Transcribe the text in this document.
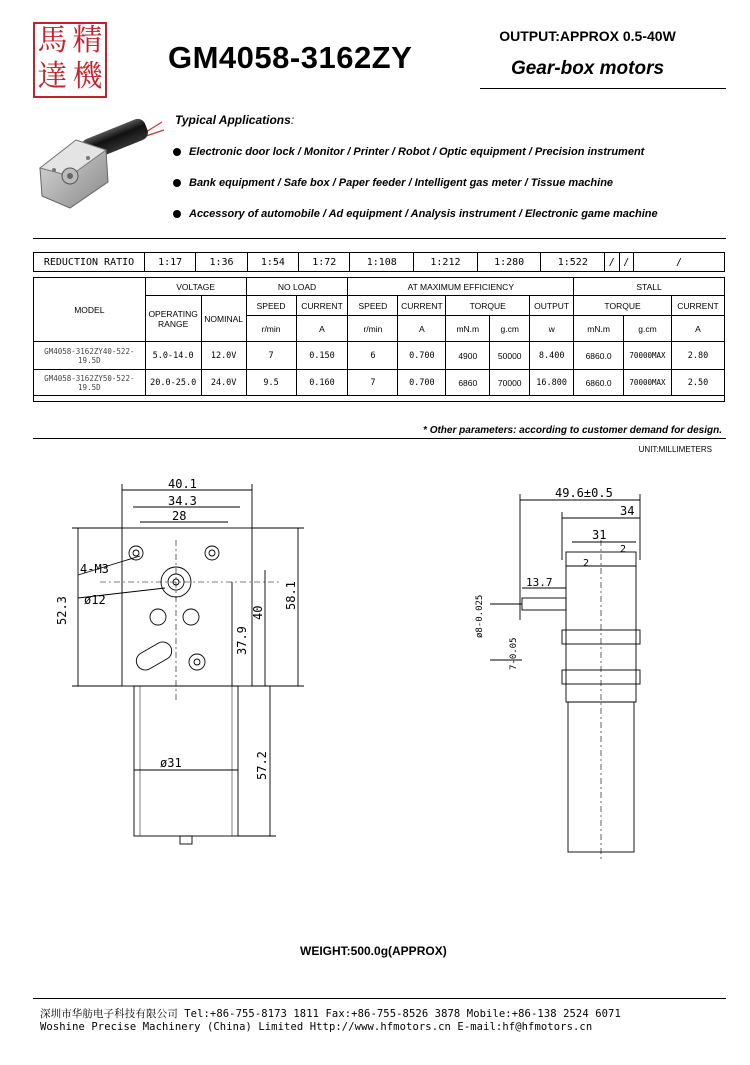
馬 精
達 機
GM4058-3162ZY
OUTPUT:APPROX 0.5-40W
Gear-box motors
Typical Applications:
Electronic door lock / Monitor / Printer / Robot / Optic equipment / Precision instrument
Bank equipment / Safe box / Paper feeder / Intelligent gas meter / Tissue machine
Accessory of automobile / Ad equipment / Analysis instrument / Electronic game machine
REDUCTION RATIO	1:17	1:36	1:54	1:72	1:108	1:212	1:280	1:522	/	/	/
MODEL	VOLTAGE		NO LOAD		AT MAXIMUM EFFICIENCY					STALL		
	OPERATING RANGE	NOMINAL	SPEED	CURRENT	SPEED	CURRENT	TORQUE		OUTPUT	TORQUE		CURRENT
			r/min	A	r/min	A	mN.m	g.cm	w	mN.m	g.cm	A
GM4058-3162ZY40-522-19.5D	5.0-14.0	12.0V	7	0.150	6	0.700	4900	50000	8.400	6860.0	70000MAX	2.80
GM4058-3162ZY50-522-19.5D	20.0-25.0	24.0V	9.5	0.160	7	0.700	6860	70000	16.800	6860.0	70000MAX	2.50

* Other parameters: according to customer demand for design.
UNIT:MILLIMETERS
40.1
34.3
28
4-M3
ø12
52.3
37.9
40
58.1
ø31	57.2
49.6±0.5
34
31
2
2
13.7
ø8-0.025
7-0.05
WEIGHT:500.0g(APPROX)
深圳市华舫电子科技有限公司 Tel:+86-755-8173 1811 Fax:+86-755-8526 3878 Mobile:+86-138 2524 6071
Woshine Precise Machinery (China) Limited Http://www.hfmotors.cn E-mail:hf@hfmotors.cn
